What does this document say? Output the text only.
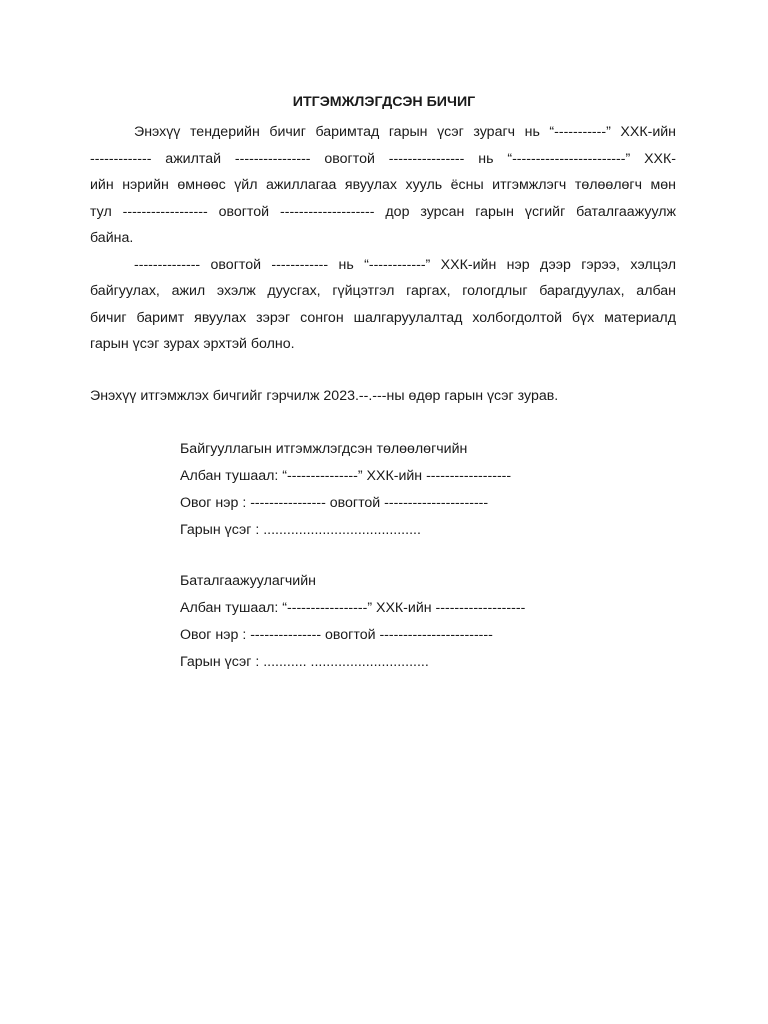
ИТГЭМЖЛЭГДСЭН БИЧИГ

Энэхүү тендерийн бичиг баримтад гарын үсэг зурагч нь “-----------” ХХК-ийн
------------- ажилтай ---------------- овогтой ---------------- нь “------------------------” ХХК-
ийн нэрийн өмнөөс үйл ажиллагаа явуулах хууль ёсны итгэмжлэгч төлөөлөгч мөн
тул ------------------ овогтой -------------------- дор зурсан гарын үсгийг баталгаажуулж
байна.

-------------- овогтой ------------ нь “------------” ХХК-ийн нэр дээр гэрээ, хэлцэл
байгуулах, ажил эхэлж дуусгах, гүйцэтгэл гаргах, гологдлыг барагдуулах, албан
бичиг баримт явуулах зэрэг сонгон шалгаруулалтад холбогдолтой бүх материалд
гарын үсэг зурах эрхтэй болно.

Энэхүү итгэмжлэх бичгийг гэрчилж 2023.--.---ны өдөр гарын үсэг зурав.
Байгууллагын итгэмжлэгдсэн төлөөлөгчийн
Албан тушаал: “---------------” ХХК-ийн ------------------
Овог нэр : ---------------- овогтой ----------------------
Гарын үсэг : ........................................
Баталгаажуулагчийн
Албан тушаал: “-----------------” ХХК-ийн -------------------
Овог нэр : --------------- овогтой ------------------------
Гарын үсэг : ........... ..............................
